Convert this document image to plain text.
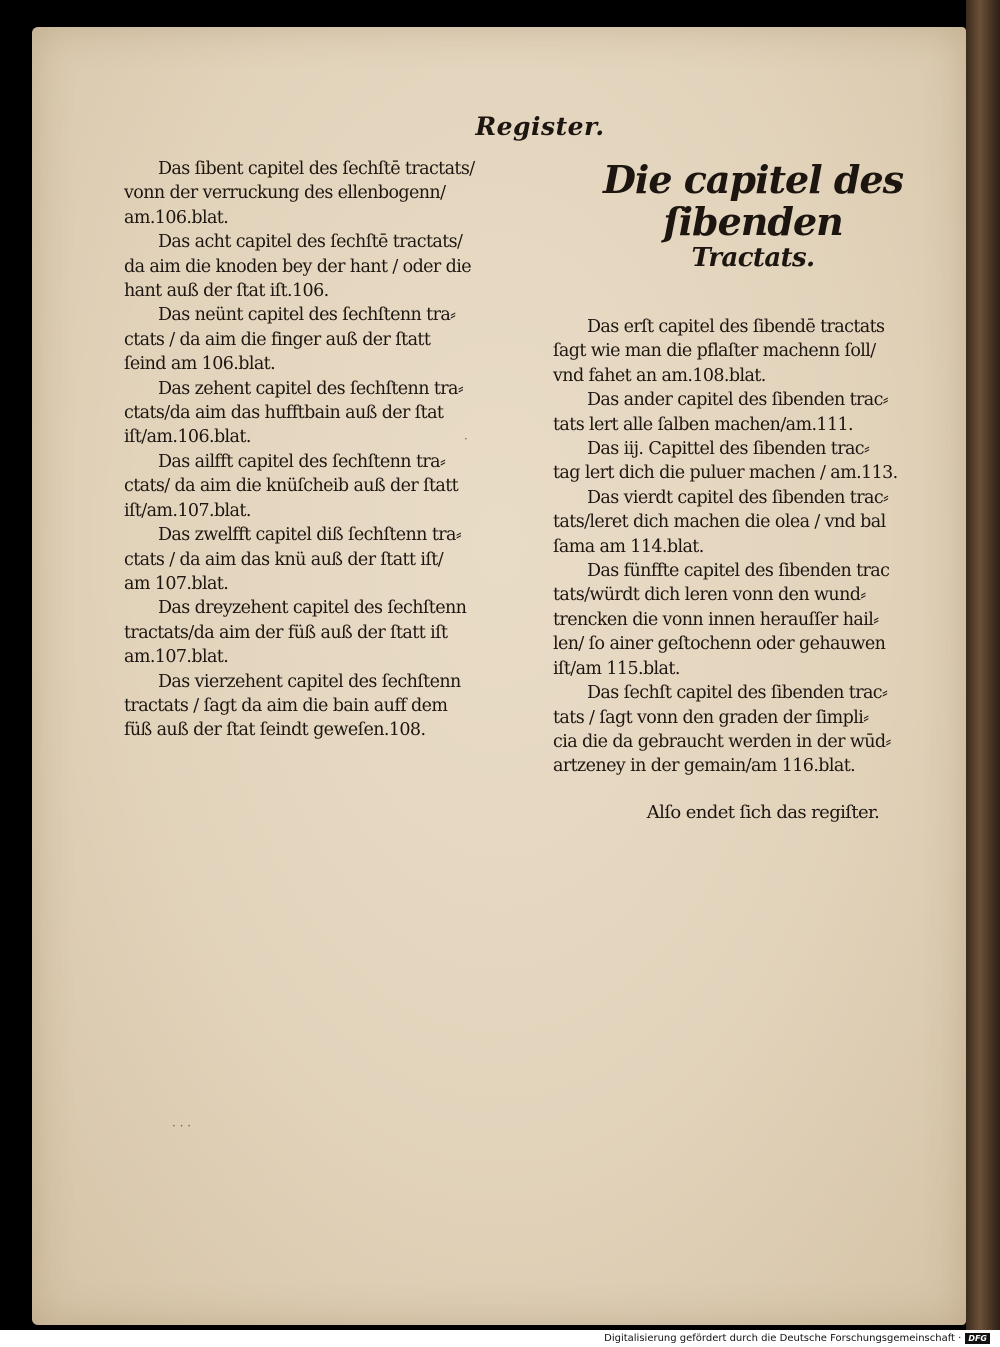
Register.
Das ſibent capitel des ſechſtē tractats/
vonn der verruckung des ellenbogenn/
am.106.blat.
Das acht capitel des ſechſtē tractats/
da aim die knoden bey der hant / oder die
hant auß der ſtat iſt.106.
Das neünt capitel des ſechſtenn tra⸗
ctats / da aim die finger auß der ſtatt
ſeind am 106.blat.
Das zehent capitel des ſechſtenn tra⸗
ctats/da aim das hufftbain auß der ſtat
iſt/am.106.blat.
Das ailfft capitel des ſechſtenn tra⸗
ctats/ da aim die knüſcheib auß der ſtatt
iſt/am.107.blat.
Das zwelfft capitel diß ſechſtenn tra⸗
ctats / da aim das knü auß der ſtatt iſt/
am 107.blat.
Das dreyzehent capitel des ſechſtenn
tractats/da aim der füß auß der ſtatt iſt
am.107.blat.
Das vierzehent capitel des ſechſtenn
tractats / ſagt da aim die bain auff dem
füß auß der ſtat ſeindt geweſen.108.
Die capitel des ſibenden
Tractats.
Das erſt capitel des ſibendē tractats
ſagt wie man die pflaſter machenn ſoll/
vnd fahet an am.108.blat.
Das ander capitel des ſibenden trac⸗
tats lert alle ſalben machen/am.111.
Das iij. Capittel des ſibenden trac⸗
tag lert dich die puluer machen / am.113.
Das vierdt capitel des ſibenden trac⸗
tats/leret dich machen die olea / vnd bal
ſama am 114.blat.
Das fünffte capitel des ſibenden trac
tats/würdt dich leren vonn den wund⸗
trencken die vonn innen herauſſer hail⸗
len/ ſo ainer geſtochenn oder gehauwen
iſt/am 115.blat.
Das ſechſt capitel des ſibenden trac⸗
tats / ſagt vonn den graden der ſimpli⸗
cia die da gebraucht werden in der wūd⸗
artzeney in der gemain/am 116.blat.
Alſo endet ſich das regiſter.
· · ·
·
Digitalisierung gefördert durch die Deutsche Forschungsgemeinschaft · DFG
